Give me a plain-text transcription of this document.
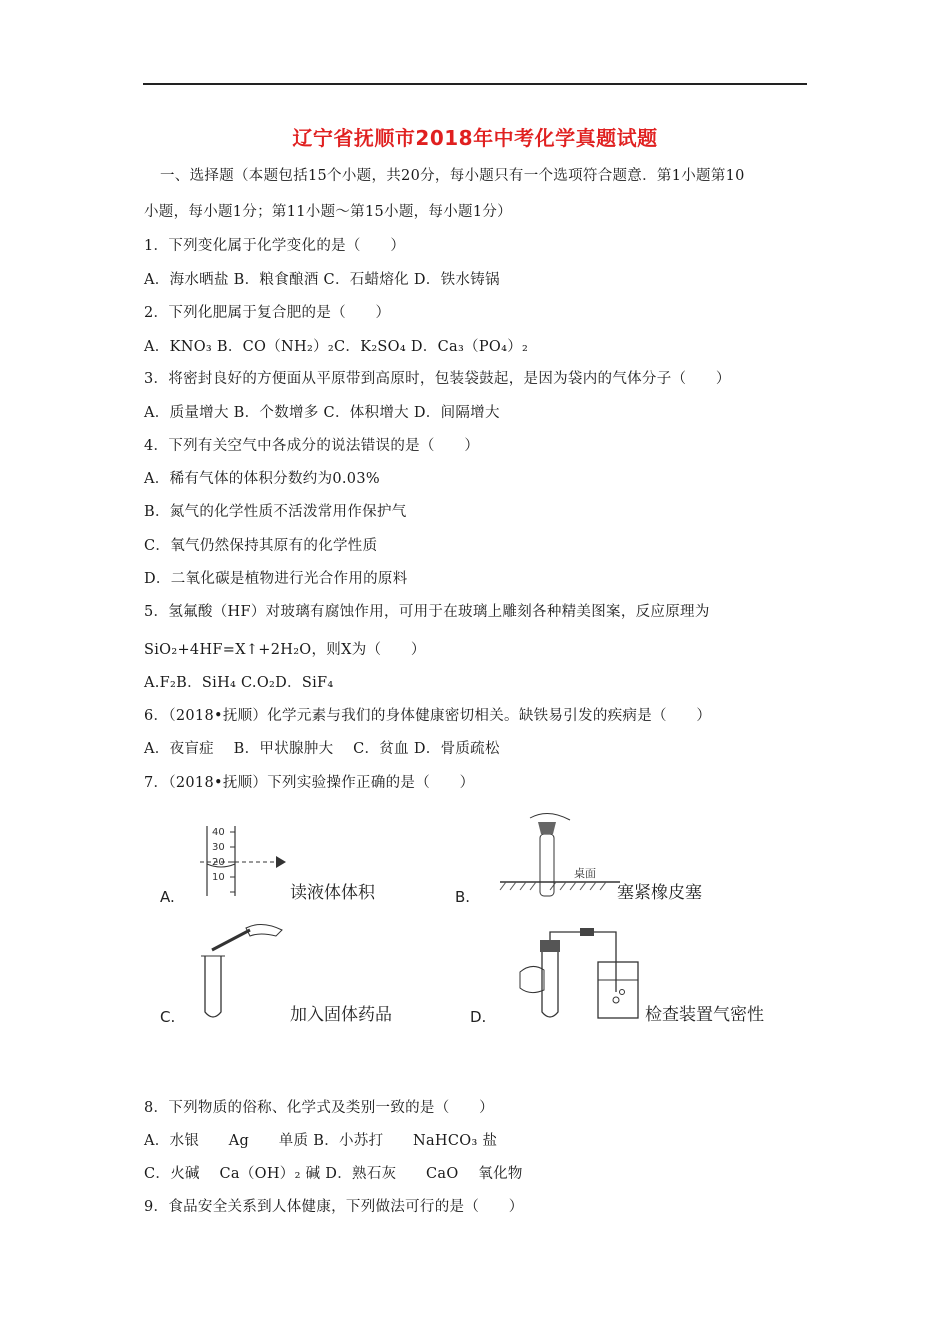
辽宁省抚顺市2018年中考化学真题试题
一、选择题（本题包括15个小题，共20分，每小题只有一个选项符合题意．第1小题第10
小题，每小题1分；第11小题～第15小题，每小题1分）
1．下列变化属于化学变化的是（　　）
A．海水晒盐 B．粮食酿酒 C．石蜡熔化 D．铁水铸锅
2．下列化肥属于复合肥的是（　　）
A．KNO₃ B．CO（NH₂）₂C．K₂SO₄ D．Ca₃（PO₄）₂
3．将密封良好的方便面从平原带到高原时，包装袋鼓起，是因为袋内的气体分子（　　）
A．质量增大 B．个数增多 C．体积增大 D．间隔增大
4．下列有关空气中各成分的说法错误的是（　　）
A．稀有气体的体积分数约为0.03%
B．氮气的化学性质不活泼常用作保护气
C．氧气仍然保持其原有的化学性质
D．二氧化碳是植物进行光合作用的原料
5．氢氟酸（HF）对玻璃有腐蚀作用，可用于在玻璃上雕刻各种精美图案，反应原理为
SiO₂+4HF=X↑+2H₂O，则X为（　　）
A.F₂B．SiH₄ C.O₂D．SiF₄
6．（2018•抚顺）化学元素与我们的身体健康密切相关。缺铁易引发的疾病是（　　）
A．夜盲症　 B．甲状腺肿大　 C．贫血 D．骨质疏松
7．（2018•抚顺）下列实验操作正确的是（　　）
A.
40
30
20
10
读液体体积	B.
桌面
塞紧橡皮塞
C.	加入固体药品	D.	检查装置气密性
8．下列物质的俗称、化学式及类别一致的是（　　）
A．水银　　Ag　　单质 B．小苏打　　NaHCO₃ 盐
C．火碱　 Ca（OH）₂ 碱 D．熟石灰　　CaO　 氧化物
9．食品安全关系到人体健康，下列做法可行的是（　　）
